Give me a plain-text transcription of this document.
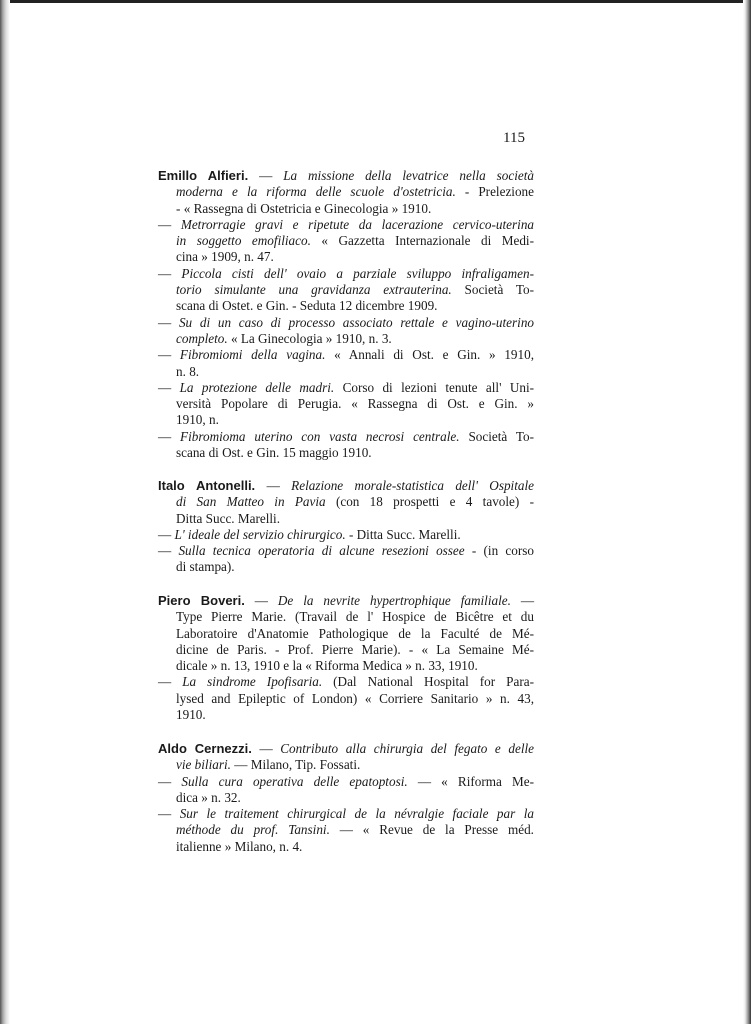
115
Emillo Alfieri. — La missione della levatrice nella società
moderna e la riforma delle scuole d'ostetricia. - Prelezione
- « Rassegna di Ostetricia e Ginecologia » 1910.
— Metrorragie gravi e ripetute da lacerazione cervico-uterina
in soggetto emofiliaco. « Gazzetta Internazionale di Medi-
cina » 1909, n. 47.
— Piccola cisti dell' ovaio a parziale sviluppo infraligamen-
torio simulante una gravidanza extrauterina. Società To-
scana di Ostet. e Gin. - Seduta 12 dicembre 1909.
— Su di un caso di processo associato rettale e vagino-uterino
completo. « La Ginecologia » 1910, n. 3.
— Fibromiomi della vagina. « Annali di Ost. e Gin. » 1910,
n. 8.
— La protezione delle madri. Corso di lezioni tenute all' Uni-
versità Popolare di Perugia. « Rassegna di Ost. e Gin. »
1910, n.
— Fibromioma uterino con vasta necrosi centrale. Società To-
scana di Ost. e Gin. 15 maggio 1910.
Italo Antonelli. — Relazione morale-statistica dell' Ospitale
di San Matteo in Pavia (con 18 prospetti e 4 tavole) -
Ditta Succ. Marelli.
— L' ideale del servizio chirurgico. - Ditta Succ. Marelli.
— Sulla tecnica operatoria di alcune resezioni ossee - (in corso
di stampa).
Piero Boveri. — De la nevrite hypertrophique familiale. —
Type Pierre Marie. (Travail de l' Hospice de Bicêtre et du
Laboratoire d'Anatomie Pathologique de la Faculté de Mé-
dicine de Paris. - Prof. Pierre Marie). - « La Semaine Mé-
dicale » n. 13, 1910 e la « Riforma Medica » n. 33, 1910.
— La sindrome Ipofisaria. (Dal National Hospital for Para-
lysed and Epileptic of London) « Corriere Sanitario » n. 43,
1910.
Aldo Cernezzi. — Contributo alla chirurgia del fegato e delle
vie biliari. — Milano, Tip. Fossati.
— Sulla cura operativa delle epatoptosi. — « Riforma Me-
dica » n. 32.
— Sur le traitement chirurgical de la névralgie faciale par la
méthode du prof. Tansini. — « Revue de la Presse méd.
italienne » Milano, n. 4.
